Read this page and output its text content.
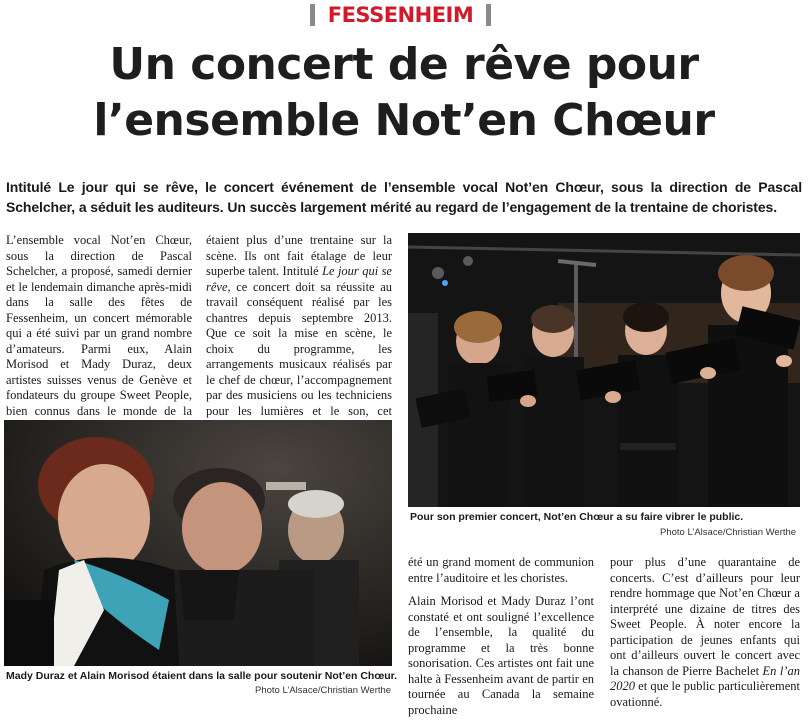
FESSENHEIM
Un concert de rêve pour
l’ensemble Not’en Chœur
Intitulé Le jour qui se rêve, le concert événement de l’ensemble vocal Not’en Chœur, sous la direction de Pascal Schelcher, a séduit les auditeurs. Un succès largement mérité au regard de l’engagement de la trentaine de choristes.
L’ensemble vocal Not’en Chœur, sous la direction de Pascal Schelcher, a proposé, samedi dernier et le lendemain dimanche après-midi dans la salle des fêtes de Fessenheim, un concert mémorable qui a été suivi par un grand nombre d’amateurs. Parmi eux, Alain Morisod et Mady Duraz, deux artistes suisses venus de Genève et fondateurs du groupe Sweet People, bien connus dans le monde de la
étaient plus d’une trentaine sur la scène. Ils ont fait étalage de leur superbe talent. Intitulé Le jour qui se rêve, ce concert doit sa réussite au travail conséquent réalisé par les chantres depuis septembre 2013. Que ce soit la mise en scène, le choix du programme, les arrangements musicaux réalisés par le chef de chœur, l’accompagnement par des musiciens ou les techniciens pour les lumières et le son, cet
Mady Duraz et Alain Morisod étaient dans la salle pour soutenir Not’en Chœur.
Photo L’Alsace/Christian Werthe
Pour son premier concert, Not’en Chœur a su faire vibrer le public.
Photo L’Alsace/Christian Werthe

été un grand moment de communion entre l’auditoire et les choristes.

Alain Morisod et Mady Duraz l’ont constaté et ont souligné l’excellence de l’ensemble, la qualité du programme et la très bonne sonorisation. Ces artistes ont fait une halte à Fessenheim avant de partir en tournée au Canada la semaine prochaine

pour plus d’une quarantaine de concerts. C’est d’ailleurs pour leur rendre hommage que Not’en Chœur a interprété une dizaine de titres des Sweet People. À noter encore la participation de jeunes enfants qui ont d’ailleurs ouvert le concert avec la chanson de Pierre Bachelet En l’an 2020 et que le public particulièrement ovationné.
